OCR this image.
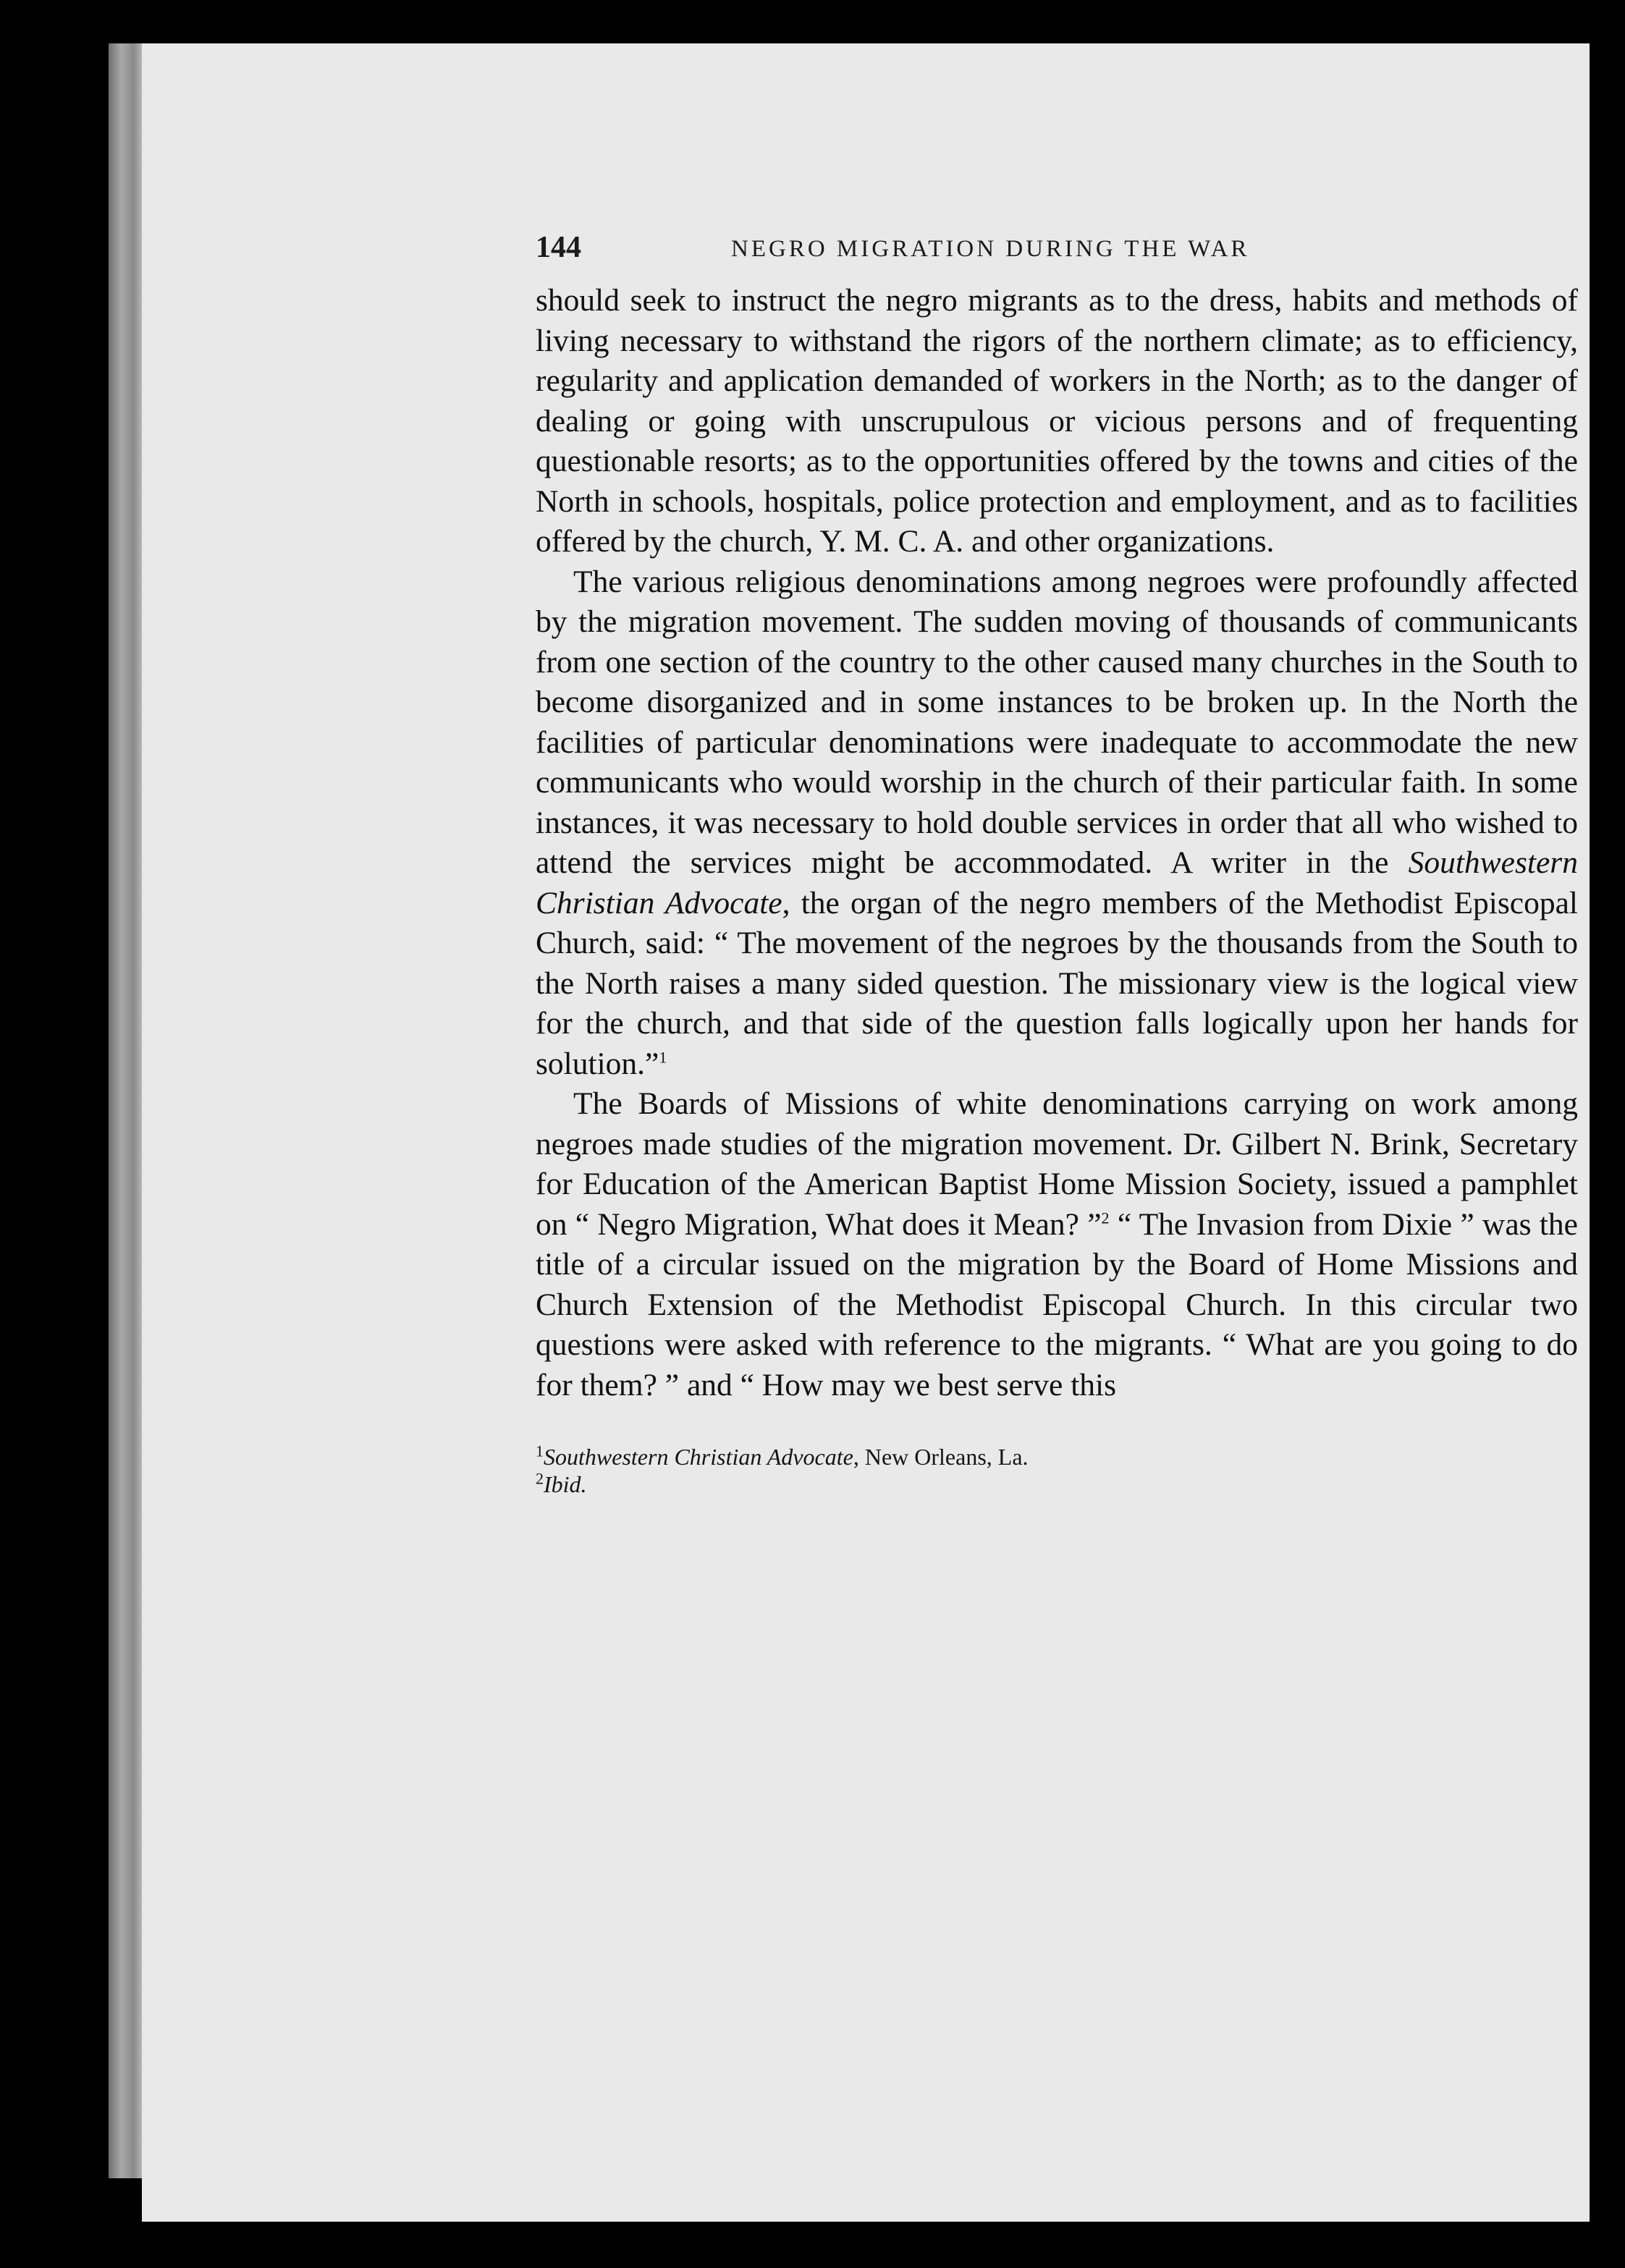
144	NEGRO MIGRATION DURING THE WAR

should seek to instruct the negro migrants as to the dress, habits and methods of living necessary to withstand the rigors of the northern climate; as to efficiency, regularity and application demanded of workers in the North; as to the danger of dealing or going with unscrupulous or vicious persons and of frequenting questionable resorts; as to the opportunities offered by the towns and cities of the North in schools, hospitals, police protection and employment, and as to facilities offered by the church, Y. M. C. A. and other organizations.

The various religious denominations among negroes were profoundly affected by the migration movement. The sudden moving of thousands of communicants from one section of the country to the other caused many churches in the South to become disorganized and in some instances to be broken up. In the North the facilities of particular denominations were inadequate to accommodate the new communicants who would worship in the church of their particular faith. In some instances, it was necessary to hold double services in order that all who wished to attend the services might be accommodated. A writer in the Southwestern Christian Advocate, the organ of the negro members of the Methodist Episcopal Church, said: “ The movement of the negroes by the thousands from the South to the North raises a many sided question. The missionary view is the logical view for the church, and that side of the question falls logically upon her hands for solution.”$^1$

The Boards of Missions of white denominations carrying on work among negroes made studies of the migration movement. Dr. Gilbert N. Brink, Secretary for Education of the American Baptist Home Mission Society, issued a pamphlet on “ Negro Migration, What does it Mean? ”$^2$ “ The Invasion from Dixie ” was the title of a circular issued on the migration by the Board of Home Missions and Church Extension of the Methodist Episcopal Church. In this circular two questions were asked with reference to the migrants. “ What are you going to do for them? ” and “ How may we best serve this

$^1$Southwestern Christian Advocate, New Orleans, La.

$^2$Ibid.
